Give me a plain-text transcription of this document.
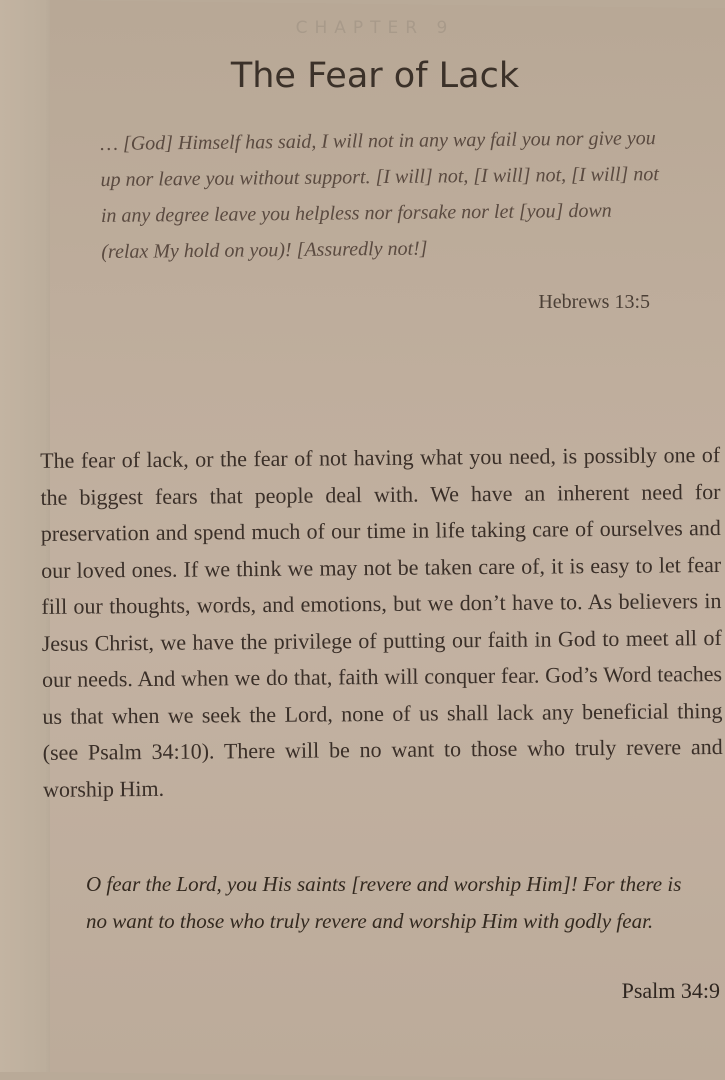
CHAPTER 9
The Fear of Lack

… [God] Himself has said, I will not in any way fail you nor give you up nor leave you without support. [I will] not, [I will] not, [I will] not in any degree leave you helpless nor forsake nor let [you] down (relax My hold on you)! [Assuredly not!]

Hebrews 13:5

The fear of lack, or the fear of not having what you need, is possibly one of the biggest fears that people deal with. We have an inherent need for preservation and spend much of our time in life taking care of ourselves and our loved ones. If we think we may not be taken care of, it is easy to let fear fill our thoughts, words, and emotions, but we don’t have to. As believers in Jesus Christ, we have the privilege of putting our faith in God to meet all of our needs. And when we do that, faith will conquer fear. God’s Word teaches us that when we seek the Lord, none of us shall lack any beneficial thing (see Psalm 34:10). There will be no want to those who truly revere and worship Him.

O fear the Lord, you His saints [revere and worship Him]! For there is no want to those who truly revere and worship Him with godly fear.

Psalm 34:9
